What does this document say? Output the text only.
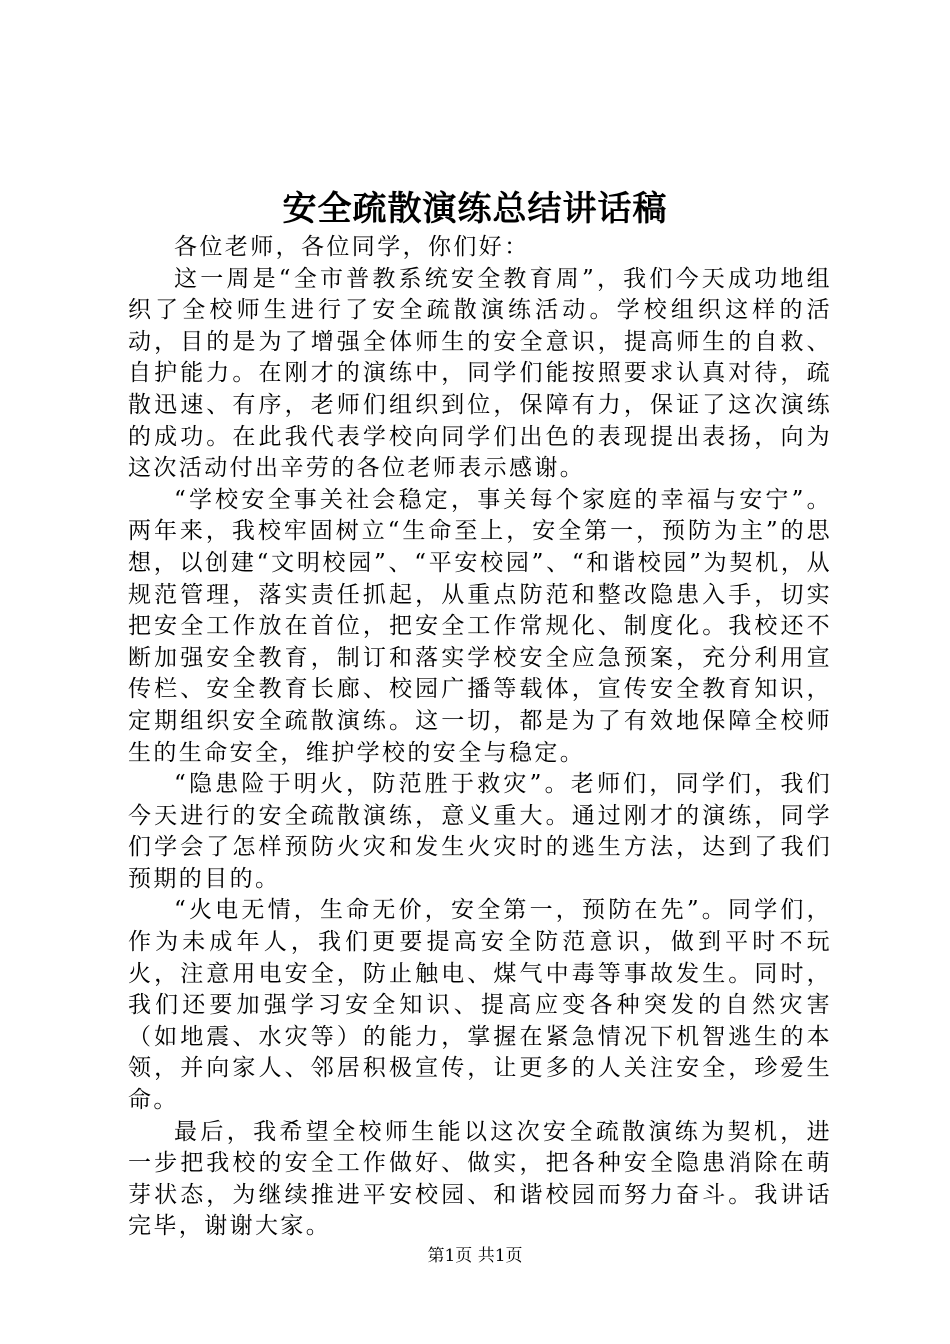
安全疏散演练总结讲话稿

各位老师，各位同学，你们好：

这一周是“全市普教系统安全教育周”，我们今天成功地组织了全校师生进行了安全疏散演练活动。学校组织这样的活动，目的是为了增强全体师生的安全意识，提高师生的自救、自护能力。在刚才的演练中，同学们能按照要求认真对待，疏散迅速、有序，老师们组织到位，保障有力，保证了这次演练的成功。在此我代表学校向同学们出色的表现提出表扬，向为这次活动付出辛劳的各位老师表示感谢。

“学校安全事关社会稳定，事关每个家庭的幸福与安宁”。两年来，我校牢固树立“生命至上，安全第一，预防为主”的思想，以创建“文明校园”、“平安校园”、“和谐校园”为契机，从规范管理，落实责任抓起，从重点防范和整改隐患入手，切实把安全工作放在首位，把安全工作常规化、制度化。我校还不断加强安全教育，制订和落实学校安全应急预案，充分利用宣传栏、安全教育长廊、校园广播等载体，宣传安全教育知识，定期组织安全疏散演练。这一切，都是为了有效地保障全校师生的生命安全，维护学校的安全与稳定。

“隐患险于明火，防范胜于救灾”。老师们，同学们，我们今天进行的安全疏散演练，意义重大。通过刚才的演练，同学们学会了怎样预防火灾和发生火灾时的逃生方法，达到了我们预期的目的。

“火电无情，生命无价，安全第一，预防在先”。同学们，作为未成年人，我们更要提高安全防范意识，做到平时不玩火，注意用电安全，防止触电、煤气中毒等事故发生。同时，我们还要加强学习安全知识、提高应变各种突发的自然灾害（如地震、水灾等）的能力，掌握在紧急情况下机智逃生的本领，并向家人、邻居积极宣传，让更多的人关注安全，珍爱生命。

最后，我希望全校师生能以这次安全疏散演练为契机，进一步把我校的安全工作做好、做实，把各种安全隐患消除在萌芽状态，为继续推进平安校园、和谐校园而努力奋斗。我讲话完毕，谢谢大家。

第1页 共1页
